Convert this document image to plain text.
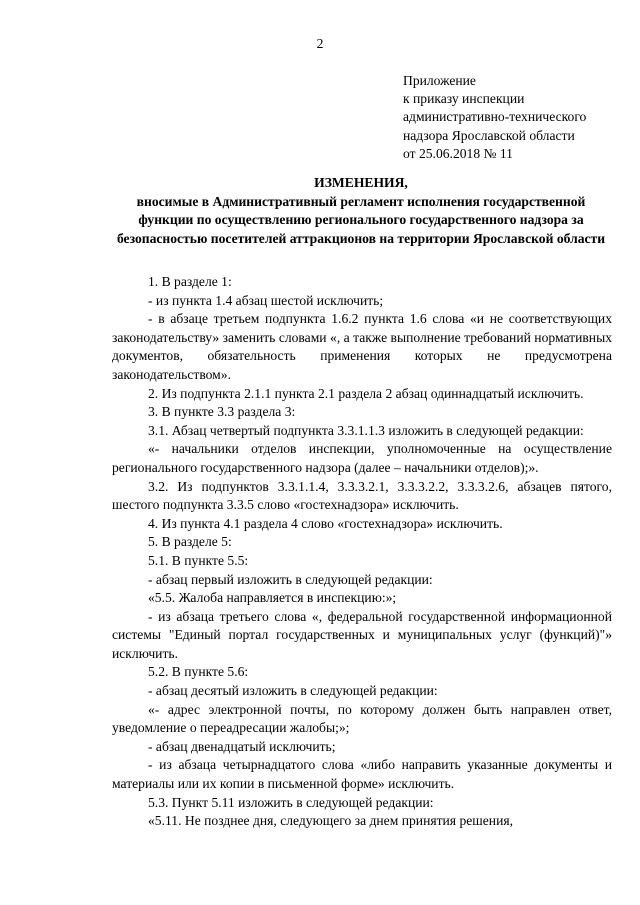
2
Приложение
к приказу инспекции
административно-технического
надзора Ярославской области
от 25.06.2018 № 11
ИЗМЕНЕНИЯ,
вносимые в Административный регламент исполнения государственной функции по осуществлению регионального государственного надзора за безопасностью посетителей аттракционов на территории Ярославской области

1. В разделе 1:

- из пункта 1.4 абзац шестой исключить;

- в абзаце третьем подпункта 1.6.2 пункта 1.6 слова «и не соответствующих законодательству» заменить словами «, а также выполнение требований нормативных документов, обязательность применения которых не предусмотрена законодательством».

2. Из подпункта 2.1.1 пункта 2.1 раздела 2 абзац одиннадцатый исключить.

3. В пункте 3.3 раздела 3:

3.1. Абзац четвертый подпункта 3.3.1.1.3 изложить в следующей редакции:

«- начальники отделов инспекции, уполномоченные на осуществление регионального государственного надзора (далее – начальники отделов);».

3.2. Из подпунктов 3.3.1.1.4, 3.3.3.2.1, 3.3.3.2.2, 3.3.3.2.6, абзацев пятого, шестого подпункта 3.3.5 слово «гостехнадзора» исключить.

4. Из пункта 4.1 раздела 4 слово «гостехнадзора» исключить.

5. В разделе 5:

5.1. В пункте 5.5:

- абзац первый изложить в следующей редакции:

«5.5. Жалоба направляется в инспекцию:»;

- из абзаца третьего слова «, федеральной государственной информационной системы "Единый портал государственных и муниципальных услуг (функций)"» исключить.

5.2. В пункте 5.6:

- абзац десятый изложить в следующей редакции:

«- адрес электронной почты, по которому должен быть направлен ответ, уведомление о переадресации жалобы;»;

- абзац двенадцатый исключить;

- из абзаца четырнадцатого слова «либо направить указанные документы и материалы или их копии в письменной форме» исключить.

5.3. Пункт 5.11 изложить в следующей редакции:

«5.11. Не позднее дня, следующего за днем принятия решения,
